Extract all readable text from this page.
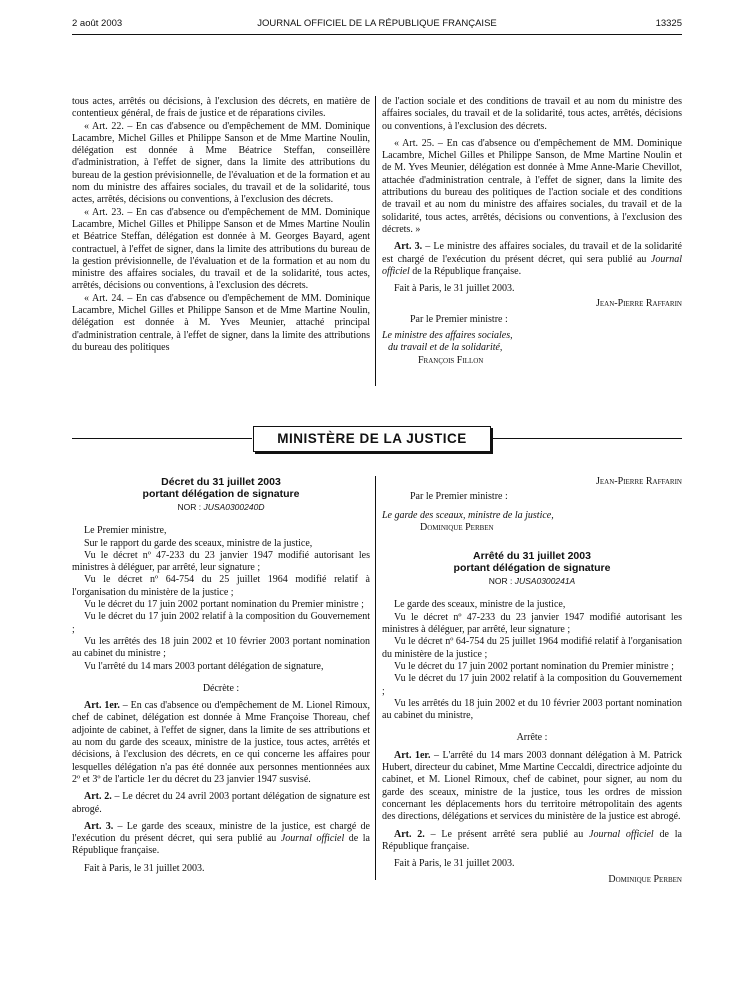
2 août 2003	JOURNAL OFFICIEL DE LA RÉPUBLIQUE FRANÇAISE	13325

tous actes, arrêtés ou décisions, à l'exclusion des décrets, en matière de contentieux général, de frais de justice et de réparations civiles.

« Art. 22. – En cas d'absence ou d'empêchement de MM. Dominique Lacambre, Michel Gilles et Philippe Sanson et de Mme Martine Noulin, délégation est donnée à Mme Béatrice Steffan, conseillère d'administration, à l'effet de signer, dans la limite des attributions du bureau de la gestion prévisionnelle, de l'évaluation et de la formation et au nom du ministre des affaires sociales, du travail et de la solidarité, tous actes, arrêtés, décisions ou conventions, à l'exclusion des décrets.

« Art. 23. – En cas d'absence ou d'empêchement de MM. Dominique Lacambre, Michel Gilles et Philippe Sanson et de Mmes Martine Noulin et Béatrice Steffan, délégation est donnée à M. Georges Bayard, agent contractuel, à l'effet de signer, dans la limite des attributions du bureau de la gestion prévisionnelle, de l'évaluation et de la formation et au nom du ministre des affaires sociales, du travail et de la solidarité, tous actes, arrêtés, décisions ou conventions, à l'exclusion des décrets.

« Art. 24. – En cas d'absence ou d'empêchement de MM. Dominique Lacambre, Michel Gilles et Philippe Sanson et de Mme Martine Noulin, délégation est donnée à M. Yves Meunier, attaché principal d'administration centrale, à l'effet de signer, dans la limite des attributions du bureau des politiques

de l'action sociale et des conditions de travail et au nom du ministre des affaires sociales, du travail et de la solidarité, tous actes, arrêtés, décisions ou conventions, à l'exclusion des décrets.

« Art. 25. – En cas d'absence ou d'empêchement de MM. Dominique Lacambre, Michel Gilles et Philippe Sanson, de Mme Martine Noulin et de M. Yves Meunier, délégation est donnée à Mme Anne-Marie Chevillot, attachée d'administration centrale, à l'effet de signer, dans la limite des attributions du bureau des politiques de l'action sociale et des conditions de travail et au nom du ministre des affaires sociales, du travail et de la solidarité, tous actes, arrêtés, décisions ou conventions, à l'exclusion des décrets. »

Art. 3. – Le ministre des affaires sociales, du travail et de la solidarité est chargé de l'exécution du présent décret, qui sera publié au Journal officiel de la République française.

Fait à Paris, le 31 juillet 2003.

Jean-Pierre Raffarin

Par le Premier ministre :

Le ministre des affaires sociales,

du travail et de la solidarité,

François Fillon

MINISTÈRE DE LA JUSTICE

Décret du 31 juillet 2003

portant délégation de signature

NOR : JUSA0300240D

Le Premier ministre,

Sur le rapport du garde des sceaux, ministre de la justice,

Vu le décret nº 47-233 du 23 janvier 1947 modifié autorisant les ministres à déléguer, par arrêté, leur signature ;

Vu le décret nº 64-754 du 25 juillet 1964 modifié relatif à l'organisation du ministère de la justice ;

Vu le décret du 17 juin 2002 portant nomination du Premier ministre ;

Vu le décret du 17 juin 2002 relatif à la composition du Gouvernement ;

Vu les arrêtés des 18 juin 2002 et 10 février 2003 portant nomination au cabinet du ministre ;

Vu l'arrêté du 14 mars 2003 portant délégation de signature,

Décrète :

Art. 1er. – En cas d'absence ou d'empêchement de M. Lionel Rimoux, chef de cabinet, délégation est donnée à Mme Françoise Thoreau, chef adjointe de cabinet, à l'effet de signer, dans la limite de ses attributions et au nom du garde des sceaux, ministre de la justice, tous actes, arrêtés et décisions, à l'exclusion des décrets, en ce qui concerne les affaires pour lesquelles délégation n'a pas été donnée aux personnes mentionnées aux 2º et 3º de l'article 1er du décret du 23 janvier 1947 susvisé.

Art. 2. – Le décret du 24 avril 2003 portant délégation de signature est abrogé.

Art. 3. – Le garde des sceaux, ministre de la justice, est chargé de l'exécution du présent décret, qui sera publié au Journal officiel de la République française.

Fait à Paris, le 31 juillet 2003.

Jean-Pierre Raffarin

Par le Premier ministre :

Le garde des sceaux, ministre de la justice,

Dominique Perben

Arrêté du 31 juillet 2003

portant délégation de signature

NOR : JUSA0300241A

Le garde des sceaux, ministre de la justice,

Vu le décret nº 47-233 du 23 janvier 1947 modifié autorisant les ministres à déléguer, par arrêté, leur signature ;

Vu le décret nº 64-754 du 25 juillet 1964 modifié relatif à l'organisation du ministère de la justice ;

Vu le décret du 17 juin 2002 portant nomination du Premier ministre ;

Vu le décret du 17 juin 2002 relatif à la composition du Gouvernement ;

Vu les arrêtés du 18 juin 2002 et du 10 février 2003 portant nomination au cabinet du ministre,

Arrête :

Art. 1er. – L'arrêté du 14 mars 2003 donnant délégation à M. Patrick Hubert, directeur du cabinet, Mme Martine Ceccaldi, directrice adjointe du cabinet, et M. Lionel Rimoux, chef de cabinet, pour signer, au nom du garde des sceaux, ministre de la justice, tous les ordres de mission concernant les déplacements hors du territoire métropolitain des agents des directions, délégations et services du ministère de la justice est abrogé.

Art. 2. – Le présent arrêté sera publié au Journal officiel de la République française.

Fait à Paris, le 31 juillet 2003.

Dominique Perben
